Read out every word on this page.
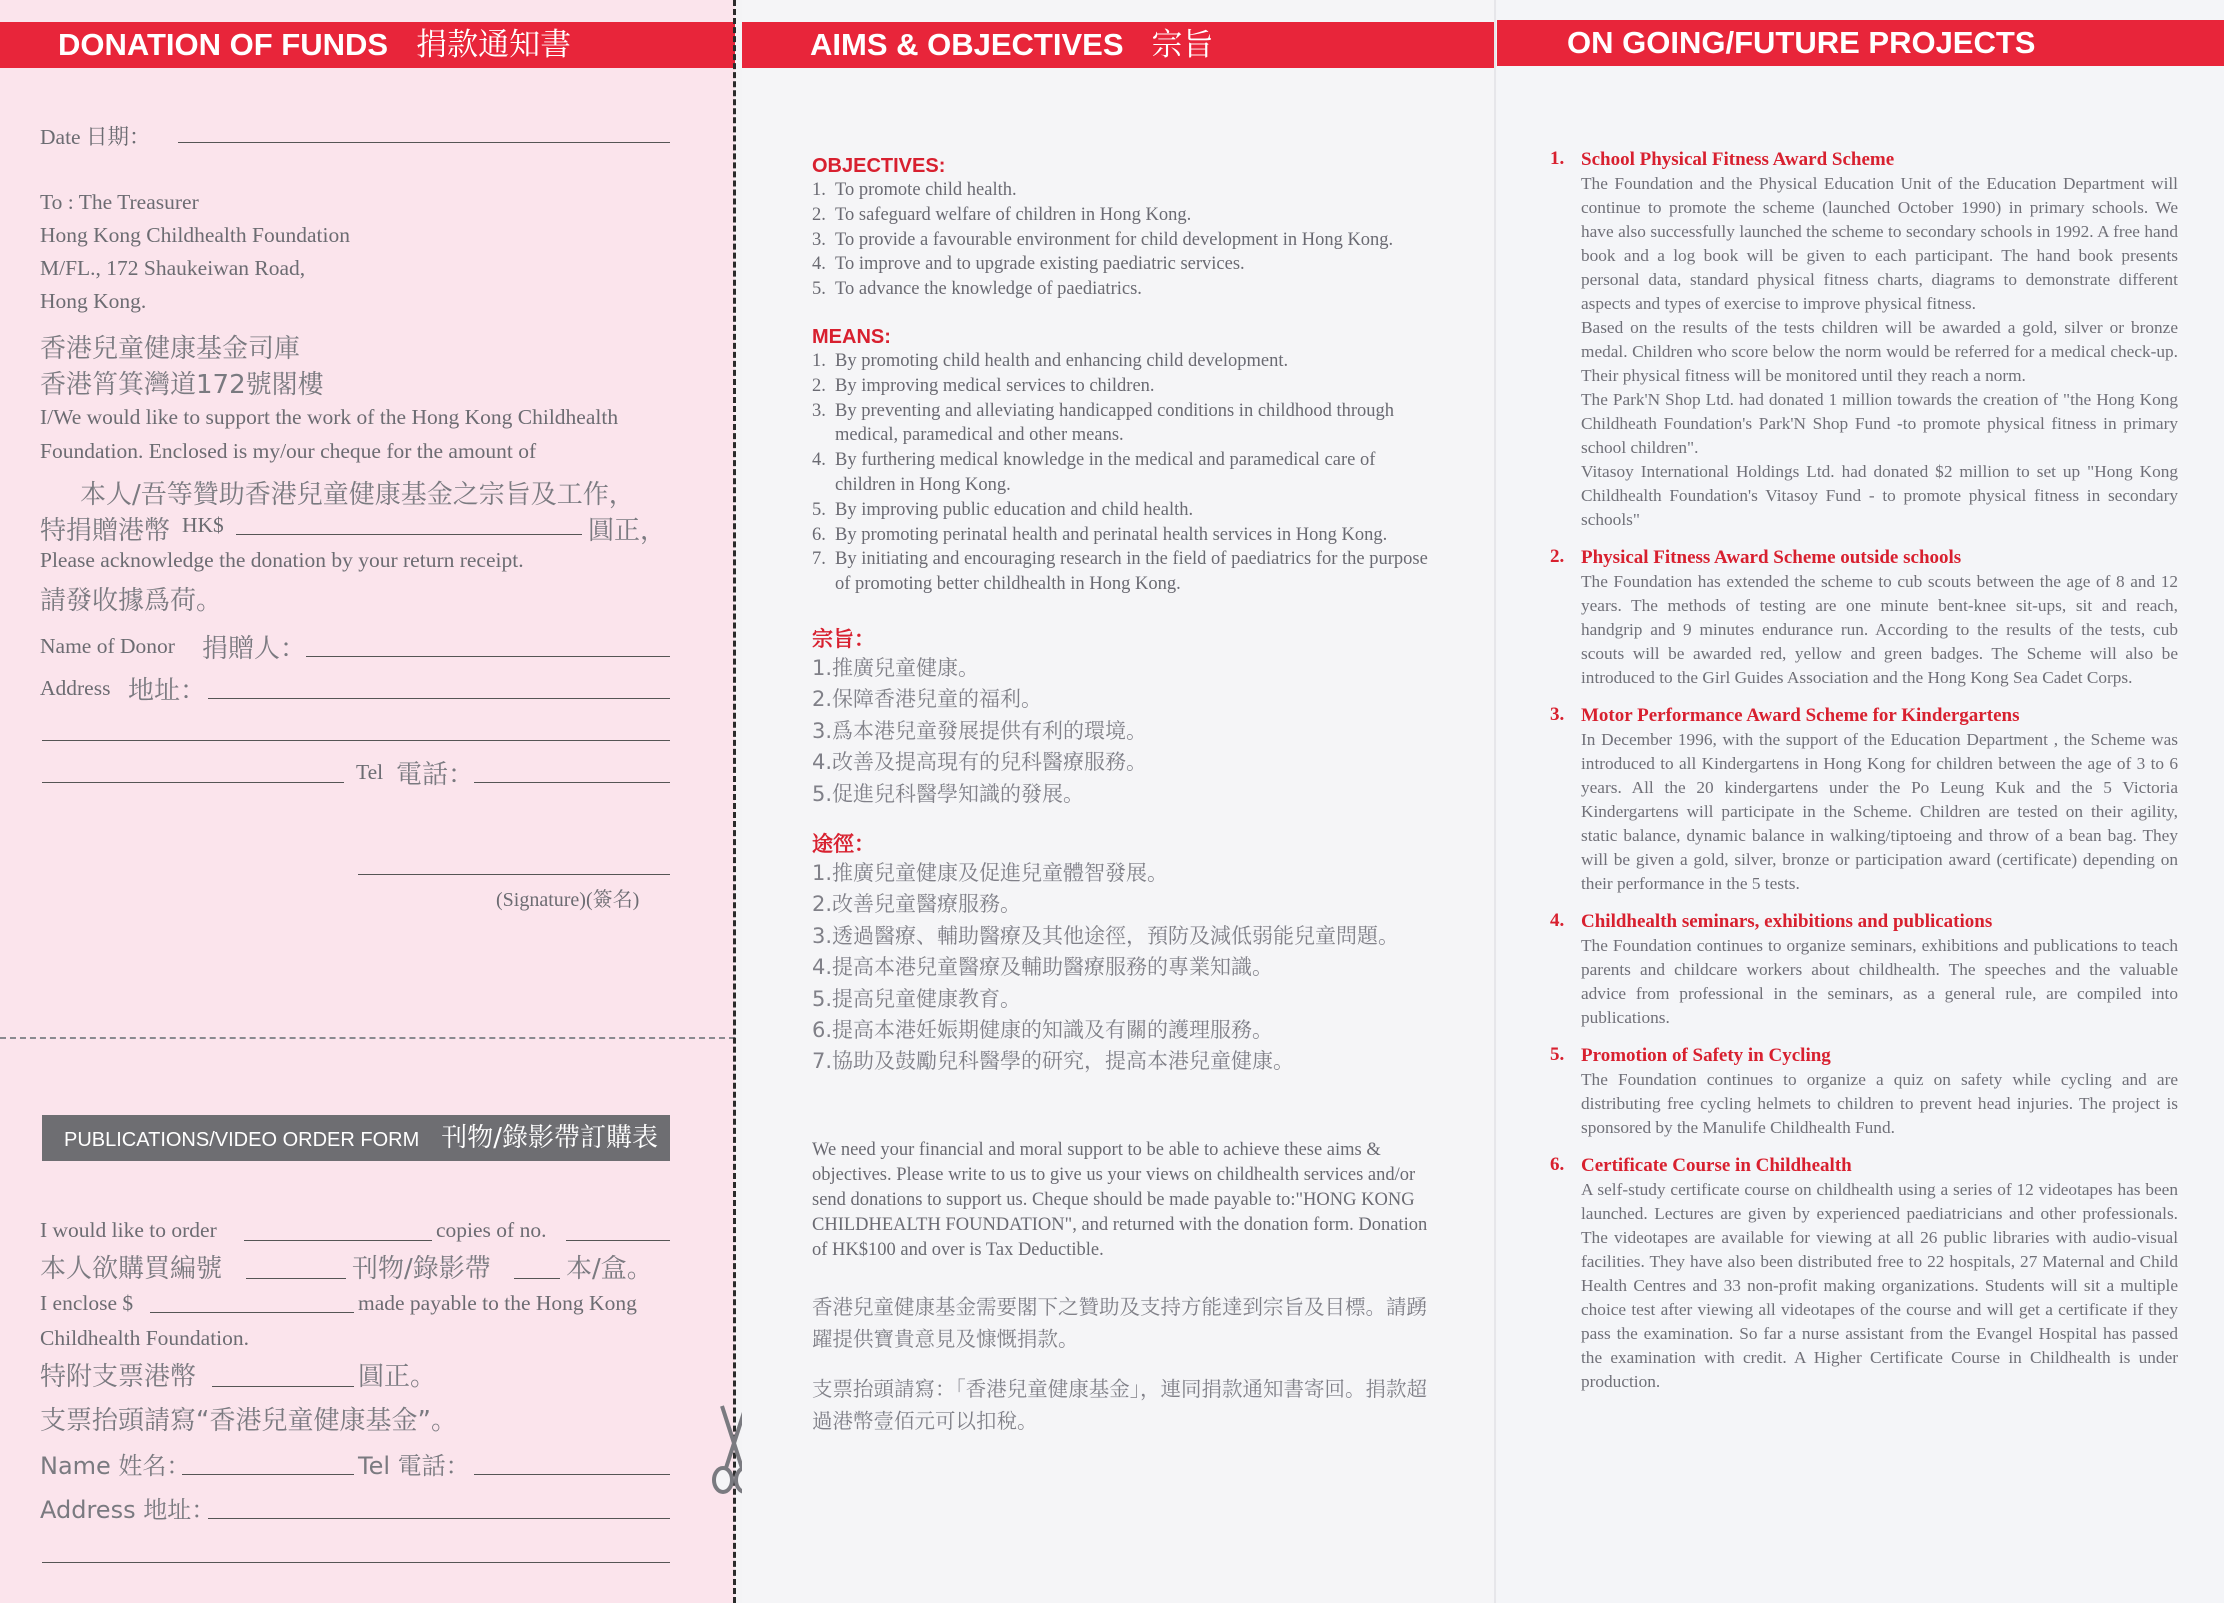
DONATION OF FUNDS 捐款通知書
Date 日期：
To : The Treasurer
Hong Kong Childhealth Foundation
M/FL., 172 Shaukeiwan Road,
Hong Kong.
香港兒童健康基金司庫
香港筲箕灣道172號閣樓
I/We would like to support the work of the Hong Kong Childhealth
Foundation. Enclosed is my/our cheque for the amount of
本人/吾等贊助香港兒童健康基金之宗旨及工作，
特捐贈港幣 HK$	圓正，
Please acknowledge the donation by your return receipt.
請發收據爲荷。
Name of Donor 捐贈人：
Address 地址：
Tel 電話：
(Signature)(簽名)
PUBLICATIONS/VIDEO ORDER FORM 刊物/錄影帶訂購表
I would like to order	copies of no.
本人欲購買編號	刊物/錄影帶	本/盒。
I enclose $	made payable to the Hong Kong
Childhealth Foundation.
特附支票港幣	圓正。
支票抬頭請寫“香港兒童健康基金”。
Name 姓名：	Tel 電話：
Address 地址：
AIMS & OBJECTIVES 宗旨
OBJECTIVES:
1. To promote child health.
2. To safeguard welfare of children in Hong Kong.
3. To provide a favourable environment for child development in Hong Kong.
4. To improve and to upgrade existing paediatric services.
5. To advance the knowledge of paediatrics.
MEANS:
1. By promoting child health and enhancing child development.
2. By improving medical services to children.
3. By preventing and alleviating handicapped conditions in childhood through medical, paramedical and other means.
4. By furthering medical knowledge in the medical and paramedical care of children in Hong Kong.
5. By improving public education and child health.
6. By promoting perinatal health and perinatal health services in Hong Kong.
7. By initiating and encouraging research in the field of paediatrics for the purpose of promoting better childhealth in Hong Kong.
宗旨：
1. 推廣兒童健康。
2. 保障香港兒童的福利。
3. 爲本港兒童發展提供有利的環境。
4. 改善及提高現有的兒科醫療服務。
5. 促進兒科醫學知識的發展。
途徑：
1. 推廣兒童健康及促進兒童體智發展。
2. 改善兒童醫療服務。
3. 透過醫療、輔助醫療及其他途徑，預防及減低弱能兒童問題。
4. 提高本港兒童醫療及輔助醫療服務的專業知識。
5. 提高兒童健康教育。
6. 提高本港妊娠期健康的知識及有關的護理服務。
7. 協助及鼓勵兒科醫學的研究，提高本港兒童健康。
We need your financial and moral support to be able to achieve these aims & objectives. Please write to us to give us your views on childhealth services and/or send donations to support us. Cheque should be made payable to:"HONG KONG CHILDHEALTH FOUNDATION", and returned with the donation form. Donation of HK$100 and over is Tax Deductible.
香港兒童健康基金需要閣下之贊助及支持方能達到宗旨及目標。請踴躍提供寶貴意見及慷慨捐款。
支票抬頭請寫：「香港兒童健康基金」，連同捐款通知書寄回。捐款超過港幣壹佰元可以扣稅。
ON GOING/FUTURE PROJECTS
1. School Physical Fitness Award Scheme

The Foundation and the Physical Education Unit of the Education Department will continue to promote the scheme (launched October 1990) in primary schools. We have also successfully launched the scheme to secondary schools in 1992. A free hand book and a log book will be given to each participant. The hand book presents personal data, standard physical fitness charts, diagrams to demonstrate different aspects and types of exercise to improve physical fitness.

Based on the results of the tests children will be awarded a gold, silver or bronze medal. Children who score below the norm would be referred for a medical check-up. Their physical fitness will be monitored until they reach a norm.

The Park'N Shop Ltd. had donated 1 million towards the creation of "the Hong Kong Childheath Foundation's Park'N Shop Fund -to promote physical fitness in primary school children".

Vitasoy International Holdings Ltd. had donated $2 million to set up "Hong Kong Childhealth Foundation's Vitasoy Fund - to promote physical fitness in secondary schools"

2. Physical Fitness Award Scheme outside schools

The Foundation has extended the scheme to cub scouts between the age of 8 and 12 years. The methods of testing are one minute bent-knee sit-ups, sit and reach, handgrip and 9 minutes endurance run. According to the results of the tests, cub scouts will be awarded red, yellow and green badges. The Scheme will also be introduced to the Girl Guides Association and the Hong Kong Sea Cadet Corps.

3. Motor Performance Award Scheme for Kindergartens

In December 1996, with the support of the Education Department , the Scheme was introduced to all Kindergartens in Hong Kong for children between the age of 3 to 6 years. All the 20 kindergartens under the Po Leung Kuk and the 5 Victoria Kindergartens will participate in the Scheme. Children are tested on their agility, static balance, dynamic balance in walking/tiptoeing and throw of a bean bag. They will be given a gold, silver, bronze or participation award (certificate) depending on their performance in the 5 tests.

4. Childhealth seminars, exhibitions and publications

The Foundation continues to organize seminars, exhibitions and publications to teach parents and childcare workers about childhealth. The speeches and the valuable advice from professional in the seminars, as a general rule, are compiled into publications.

5. Promotion of Safety in Cycling

The Foundation continues to organize a quiz on safety while cycling and are distributing free cycling helmets to children to prevent head injuries. The project is sponsored by the Manulife Childhealth Fund.

6. Certificate Course in Childhealth

A self-study certificate course on childhealth using a series of 12 videotapes has been launched. Lectures are given by experienced paediatricians and other professionals. The videotapes are available for viewing at all 26 public libraries with audio-visual facilities. They have also been distributed free to 22 hospitals, 27 Maternal and Child Health Centres and 33 non-profit making organizations. Students will sit a multiple choice test after viewing all videotapes of the course and will get a certificate if they pass the examination. So far a nurse assistant from the Evangel Hospital has passed the examination with credit. A Higher Certificate Course in Childhealth is under production.
